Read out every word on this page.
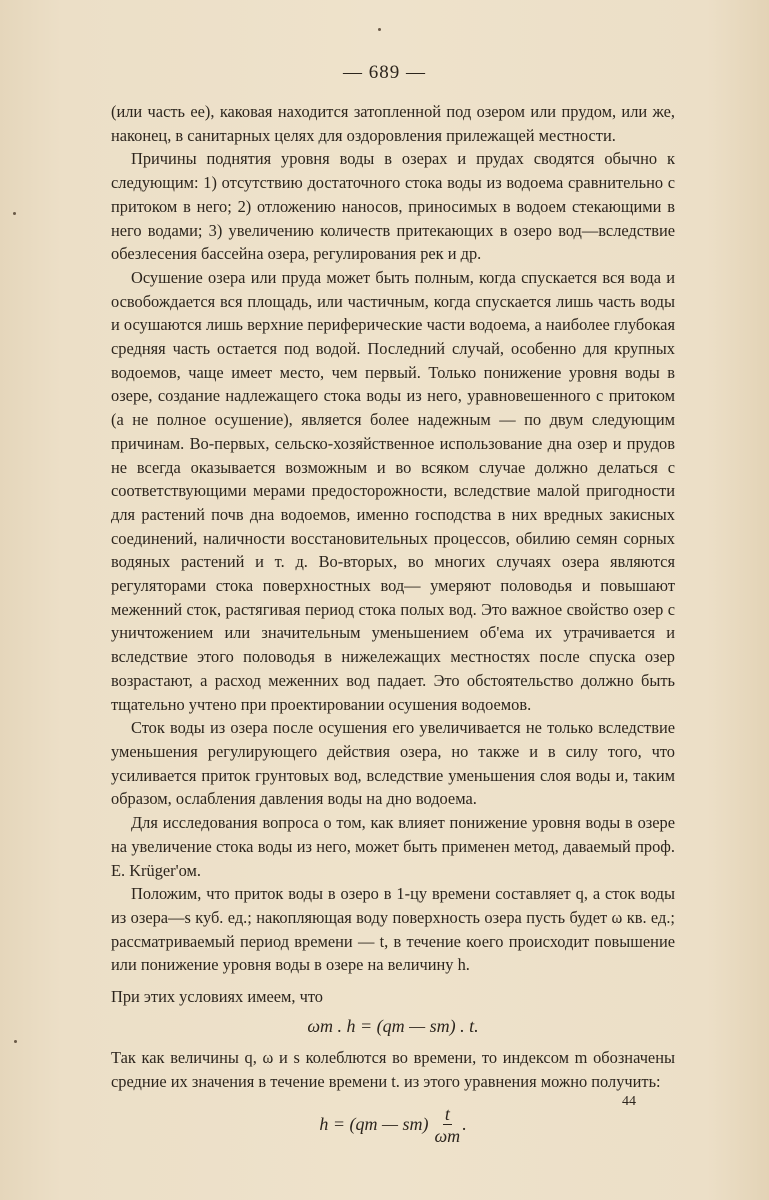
— 689 —

(или часть ее), каковая находится затопленной под озером или прудом, или же, наконец, в санитарных целях для оздоровления прилежащей местности.

Причины поднятия уровня воды в озерах и прудах сводятся обычно к следующим: 1) отсутствию достаточного стока воды из водоема сравнительно с притоком в него; 2) отложению наносов, приносимых в водоем стекающими в него водами; 3) увеличению количеств притекающих в озеро вод—вследствие обезлесения бассейна озера, регулирования рек и др.

Осушение озера или пруда может быть полным, когда спускается вся вода и освобождается вся площадь, или частичным, когда спускается лишь часть воды и осушаются лишь верхние периферические части водоема, а наиболее глубокая средняя часть остается под водой. Последний случай, особенно для крупных водоемов, чаще имеет место, чем первый. Только понижение уровня воды в озере, создание надлежащего стока воды из него, уравновешенного с притоком (а не полное осушение), является более надежным — по двум следующим причинам. Во-первых, сельско-хозяйственное использование дна озер и прудов не всегда оказывается возможным и во всяком случае должно делаться с соответствующими мерами предосторожности, вследствие малой пригодности для растений почв дна водоемов, именно господства в них вредных закисных соединений, наличности восстановительных процессов, обилию семян сорных водяных растений и т. д. Во-вторых, во многих случаях озера являются регуляторами стока поверхностных вод— умеряют половодья и повышают меженний сток, растягивая период стока полых вод. Это важное свойство озер с уничтожением или значительным уменьшением об'ема их утрачивается и вследствие этого половодья в нижележащих местностях после спуска озер возрастают, а расход меженних вод падает. Это обстоятельство должно быть тщательно учтено при проектировании осушения водоемов.

Сток воды из озера после осушения его увеличивается не только вследствие уменьшения регулирующего действия озера, но также и в силу того, что усиливается приток грунтовых вод, вследствие уменьшения слоя воды и, таким образом, ослабления давления воды на дно водоема.

Для исследования вопроса о том, как влияет понижение уровня воды в озере на увеличение стока воды из него, может быть применен метод, даваемый проф. E. Krüger'ом.

Положим, что приток воды в озеро в 1-цу времени составляет q, а сток воды из озера—s куб. ед.; накопляющая воду поверхность озера пусть будет ω кв. ед.; рассматриваемый период времени — t, в течение коего происходит повышение или понижение уровня воды в озере на величину h.

При этих условиях имеем, что

ωm . h = (qm — sm) . t.

Так как величины q, ω и s колеблются во времени, то индексом m обозначены средние их значения в течение времени t. из этого уравнения можно получить:

h = (qm — $sm) \frac{t}{\omega m}$ .
44
